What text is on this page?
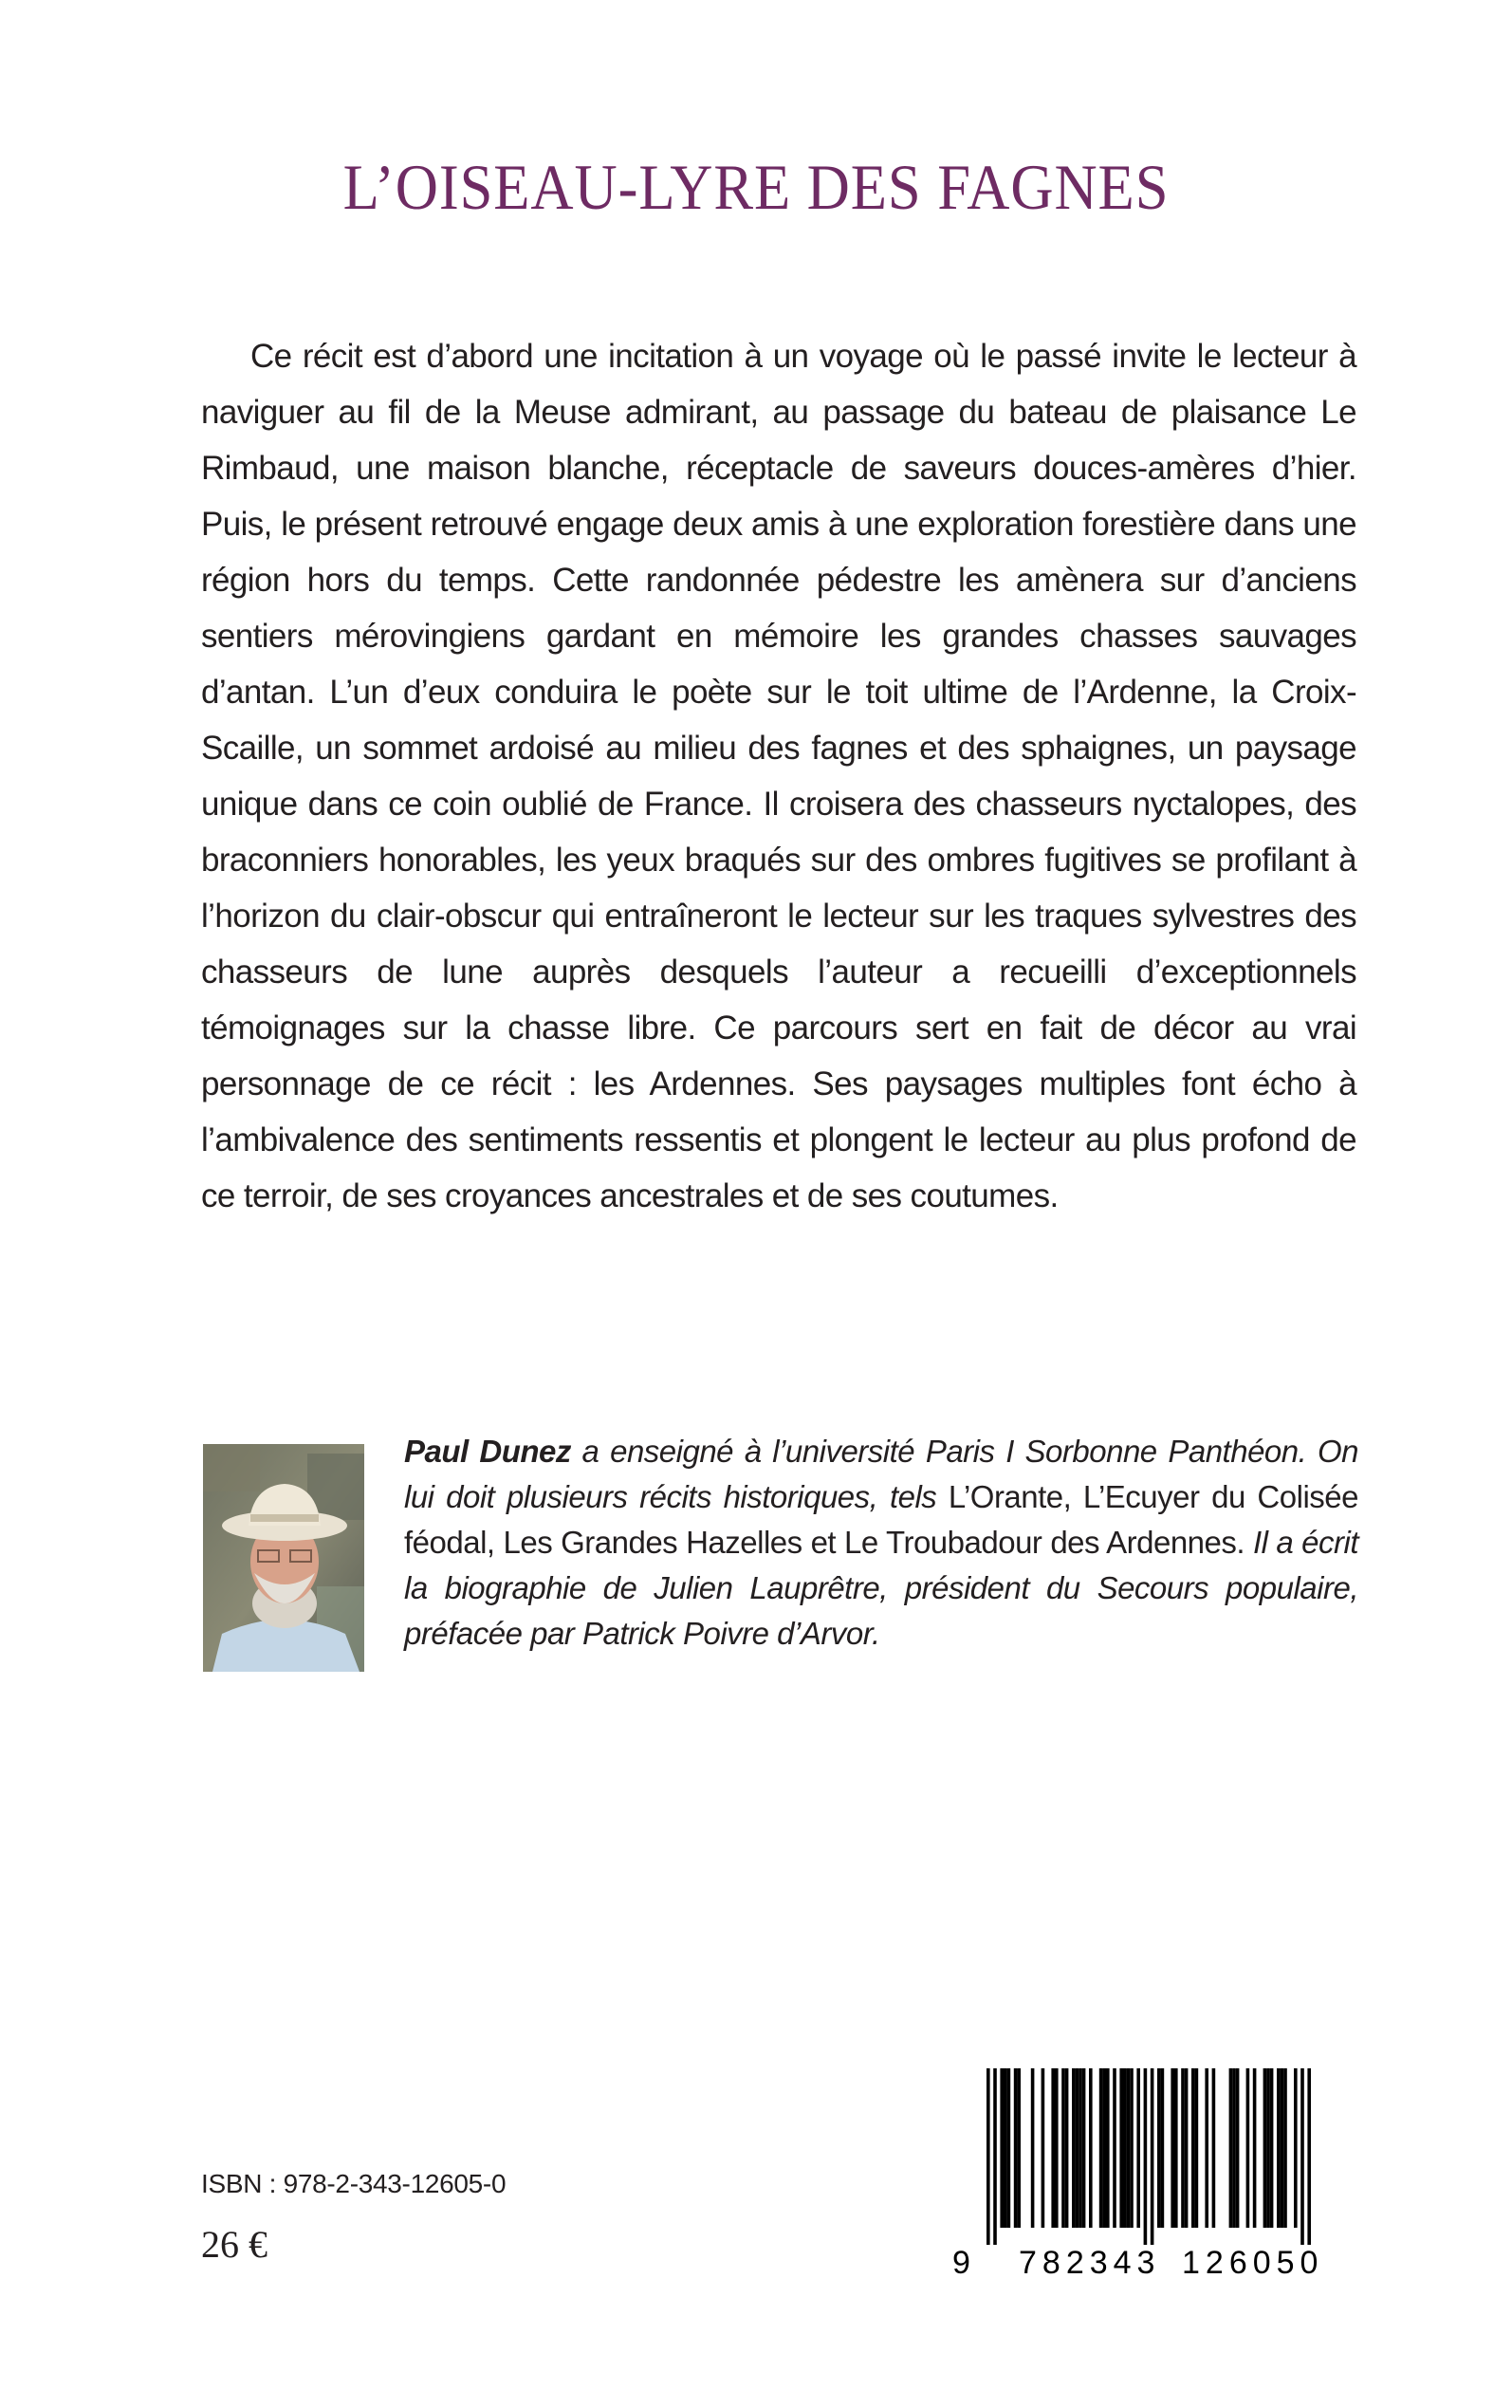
L’OISEAU-LYRE DES FAGNES

Ce récit est d’abord une incitation à un voyage où le passé invite le lecteur à naviguer au fil de la Meuse admirant, au passage du bateau de plaisance Le Rimbaud, une maison blanche, réceptacle de saveurs douces-amères d’hier. Puis, le présent retrouvé engage deux amis à une exploration forestière dans une région hors du temps. Cette randonnée pédestre les amènera sur d’anciens sentiers mérovingiens gardant en mémoire les grandes chasses sauvages d’antan. L’un d’eux conduira le poète sur le toit ultime de l’Ardenne, la Croix-Scaille, un sommet ardoisé au milieu des fagnes et des sphaignes, un paysage unique dans ce coin oublié de France. Il croisera des chasseurs nyctalopes, des braconniers honorables, les yeux braqués sur des ombres fugitives se profilant à l’horizon du clair-obscur qui entraîneront le lecteur sur les traques sylvestres des chasseurs de lune auprès desquels l’auteur a recueilli d’exceptionnels témoignages sur la chasse libre. Ce parcours sert en fait de décor au vrai personnage de ce récit : les Ardennes. Ses paysages multiples font écho à l’ambivalence des sentiments ressentis et plongent le lecteur au plus profond de ce terroir, de ses croyances ancestrales et de ses coutumes.

Paul Dunez a enseigné à l’université Paris I Sorbonne Panthéon. On lui doit plusieurs récits historiques, tels L’Orante, L’Ecuyer du Colisée féodal, Les Grandes Hazelles et Le Troubadour des Ardennes. Il a écrit la biographie de Julien Lauprêtre, président du Secours populaire, préfacée par Patrick Poivre d’Arvor.

ISBN : 978-2-343-12605-0
26 €	9 782343 126050
